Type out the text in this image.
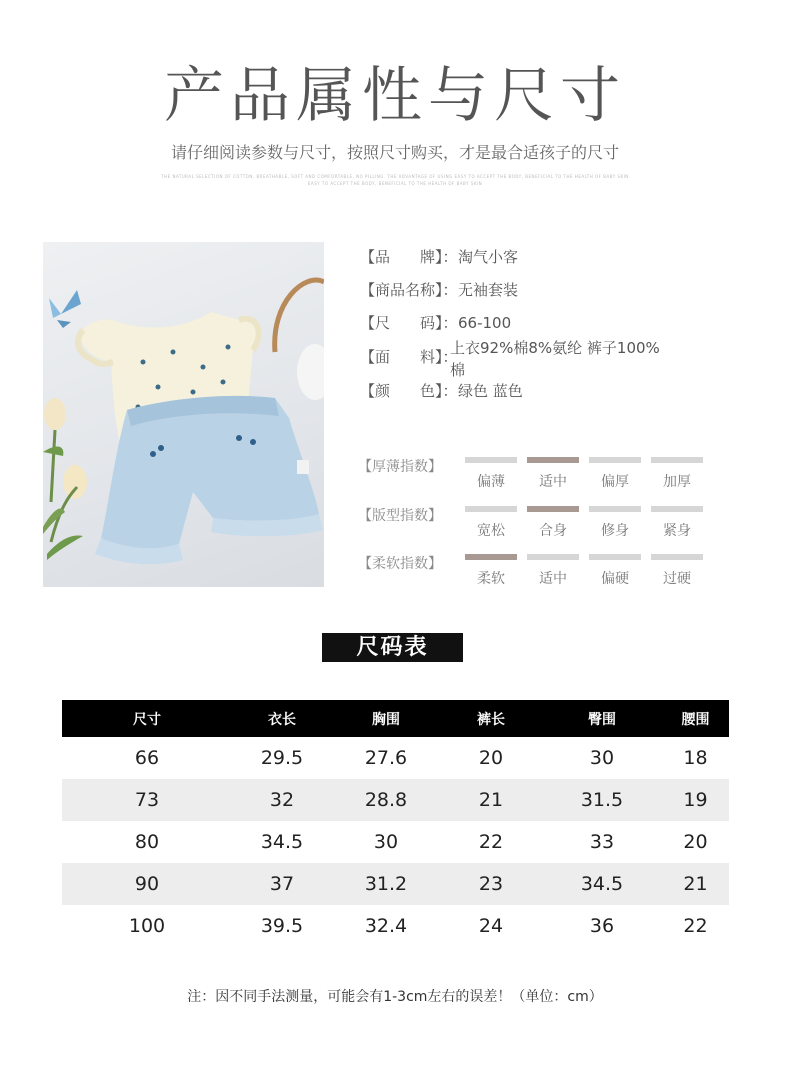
产品属性与尺寸
请仔细阅读参数与尺寸，按照尺寸购买，才是最合适孩子的尺寸
THE NATURAL SELECTION OF COTTON, BREATHABLE, SOFT AND COMFORTABLE, NO PILLING. THE ADVANTAGE OF USING EASY TO ACCEPT THE BODY, BENEFICIAL TO THE HEALTH OF BABY SKIN
EASY TO ACCEPT THE BODY, BENEFICIAL TO THE HEALTH OF BABY SKIN
【品　　牌】： 淘气小客
【商品名称】： 无袖套装
【尺　　码】： 66-100
【面　　料】：
上衣92%棉8%氨纶 裤子100%棉
【颜　　色】： 绿色 蓝色
【厚薄指数】
偏薄	适中	偏厚	加厚
【版型指数】
宽松	合身	修身	紧身
【柔软指数】
柔软	适中	偏硬	过硬
尺码表
尺寸	衣长	胸围	裤长	臀围	腰围
66	29.5	27.6	20	30	18
73	32	28.8	21	31.5	19
80	34.5	30	22	33	20
90	37	31.2	23	34.5	21
100	39.5	32.4	24	36	22
注：因不同手法测量，可能会有1-3cm左右的误差！（单位：cm）
